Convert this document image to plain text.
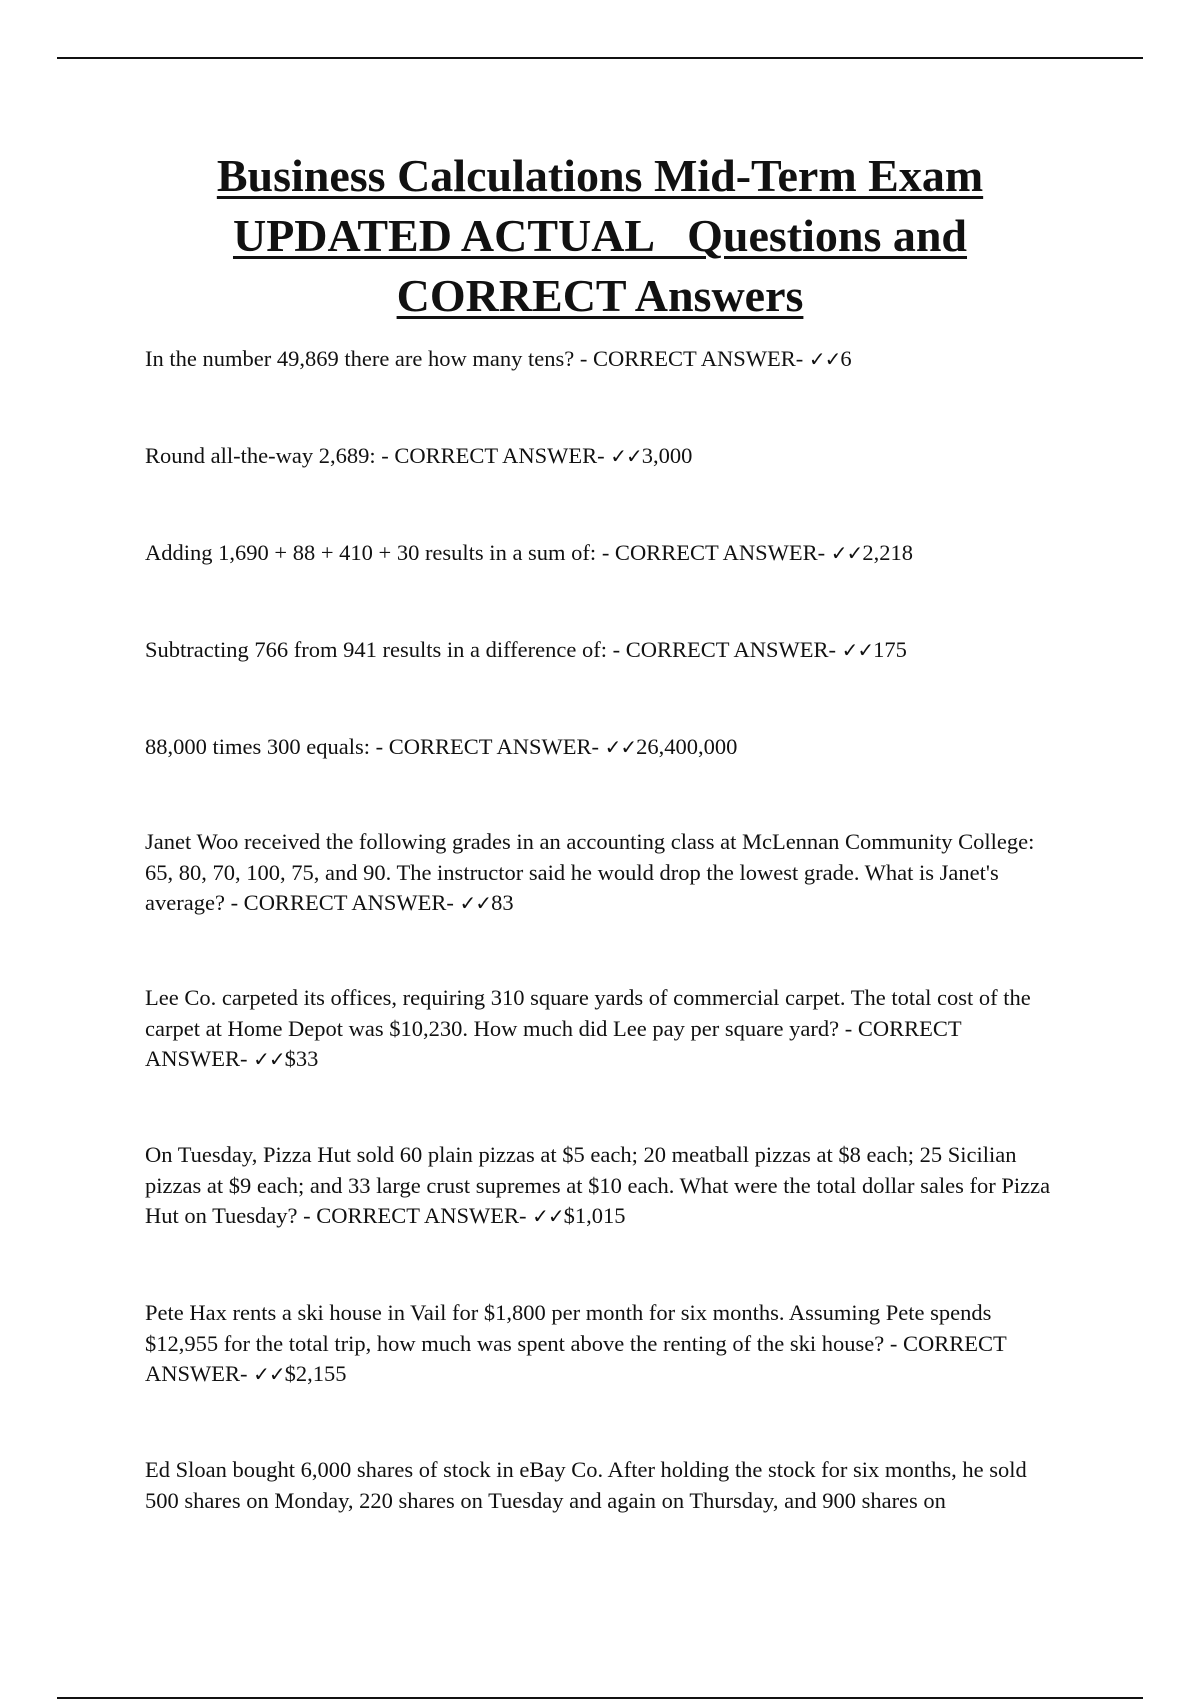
Business Calculations Mid-Term Exam
UPDATED ACTUAL   Questions and
CORRECT Answers

In the number 49,869 there are how many tens? - CORRECT ANSWER- ✓✓6

Round all-the-way 2,689: - CORRECT ANSWER- ✓✓3,000

Adding 1,690 + 88 + 410 + 30 results in a sum of: - CORRECT ANSWER- ✓✓2,218

Subtracting 766 from 941 results in a difference of: - CORRECT ANSWER- ✓✓175

88,000 times 300 equals: - CORRECT ANSWER- ✓✓26,400,000

Janet Woo received the following grades in an accounting class at McLennan Community College: 65, 80, 70, 100, 75, and 90. The instructor said he would drop the lowest grade. What is Janet's average? - CORRECT ANSWER- ✓✓83

Lee Co. carpeted its offices, requiring 310 square yards of commercial carpet. The total cost of the carpet at Home Depot was $10,230. How much did Lee pay per square yard? - CORRECT ANSWER- ✓✓$33

On Tuesday, Pizza Hut sold 60 plain pizzas at $5 each; 20 meatball pizzas at $8 each; 25 Sicilian pizzas at $9 each; and 33 large crust supremes at $10 each. What were the total dollar sales for Pizza Hut on Tuesday? - CORRECT ANSWER- ✓✓$1,015

Pete Hax rents a ski house in Vail for $1,800 per month for six months. Assuming Pete spends $12,955 for the total trip, how much was spent above the renting of the ski house? - CORRECT ANSWER- ✓✓$2,155

Ed Sloan bought 6,000 shares of stock in eBay Co. After holding the stock for six months, he sold 500 shares on Monday, 220 shares on Tuesday and again on Thursday, and 900 shares on
